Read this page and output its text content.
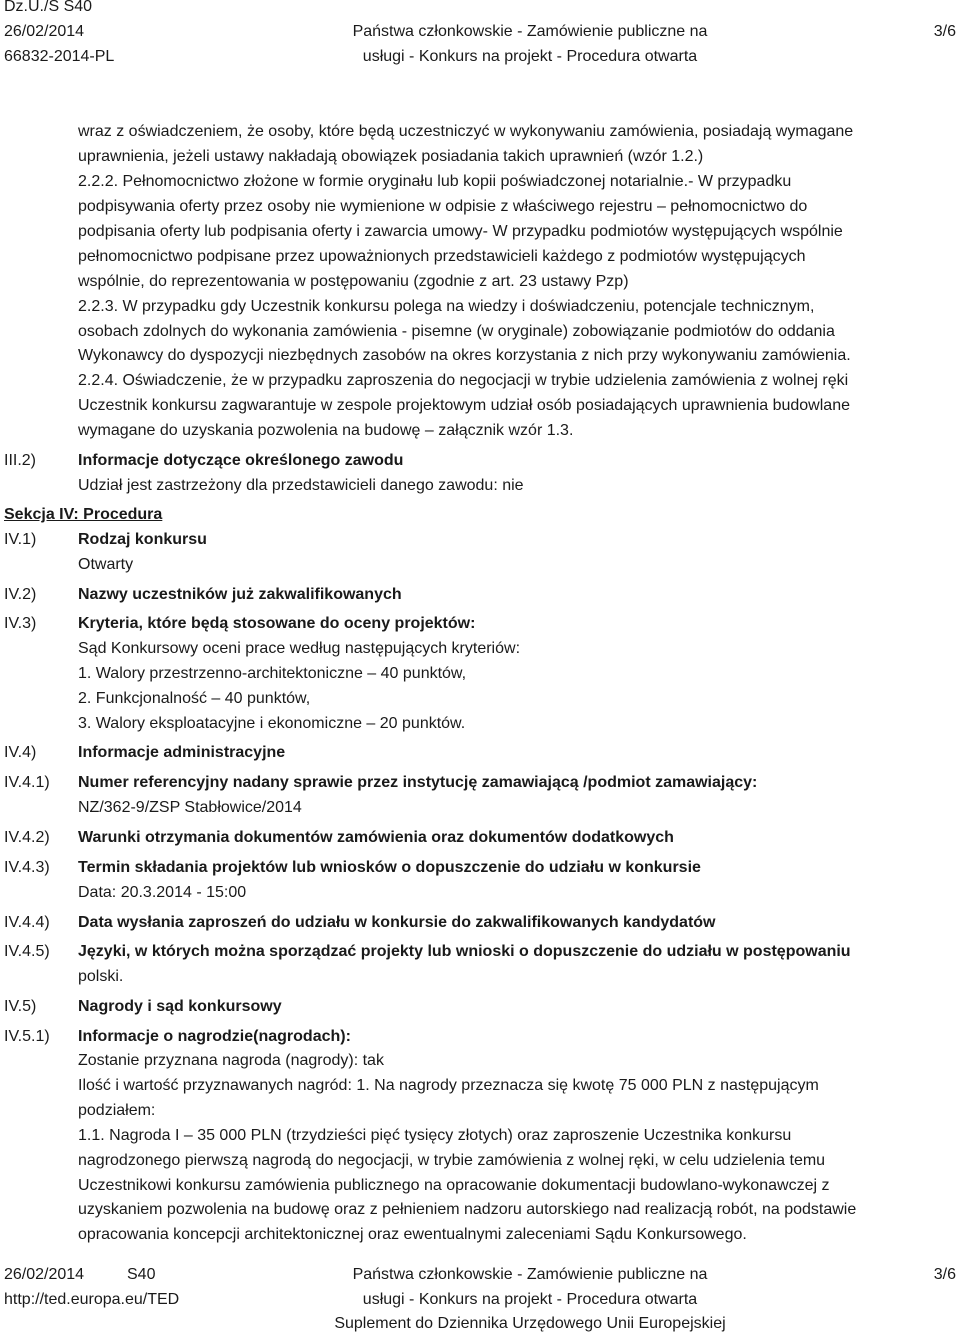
Dz.U./S S40
26/02/2014
66832-2014-PL
Państwa członkowskie - Zamówienie publiczne na
usługi - Konkurs na projekt - Procedura otwarta
3/6
wraz z oświadczeniem, że osoby, które będą uczestniczyć w wykonywaniu zamówienia, posiadają wymagane
uprawnienia, jeżeli ustawy nakładają obowiązek posiadania takich uprawnień (wzór 1.2.)
2.2.2. Pełnomocnictwo złożone w formie oryginału lub kopii poświadczonej notarialnie.- W przypadku
podpisywania oferty przez osoby nie wymienione w odpisie z właściwego rejestru – pełnomocnictwo do
podpisania oferty lub podpisania oferty i zawarcia umowy- W przypadku podmiotów występujących wspólnie
pełnomocnictwo podpisane przez upoważnionych przedstawicieli każdego z podmiotów występujących
wspólnie, do reprezentowania w postępowaniu (zgodnie z art. 23 ustawy Pzp)
2.2.3. W przypadku gdy Uczestnik konkursu polega na wiedzy i doświadczeniu, potencjale technicznym,
osobach zdolnych do wykonania zamówienia - pisemne (w oryginale) zobowiązanie podmiotów do oddania
Wykonawcy do dyspozycji niezbędnych zasobów na okres korzystania z nich przy wykonywaniu zamówienia.
2.2.4. Oświadczenie, że w przypadku zaproszenia do negocjacji w trybie udzielenia zamówienia z wolnej ręki
Uczestnik konkursu zagwarantuje w zespole projektowym udział osób posiadających uprawnienia budowlane
wymagane do uzyskania pozwolenia na budowę – załącznik wzór 1.3.
III.2)	Informacje dotyczące określonego zawodu
Udział jest zastrzeżony dla przedstawicieli danego zawodu: nie
Sekcja IV: Procedura
IV.1)	Rodzaj konkursu
Otwarty
IV.2)	Nazwy uczestników już zakwalifikowanych
IV.3)	Kryteria, które będą stosowane do oceny projektów:
Sąd Konkursowy oceni prace według następujących kryteriów:
1. Walory przestrzenno-architektoniczne – 40 punktów,
2. Funkcjonalność – 40 punktów,
3. Walory eksploatacyjne i ekonomiczne – 20 punktów.
IV.4)	Informacje administracyjne
IV.4.1) Numer referencyjny nadany sprawie przez instytucję zamawiającą /podmiot zamawiający:
NZ/362-9/ZSP Stabłowice/2014
IV.4.2) Warunki otrzymania dokumentów zamówienia oraz dokumentów dodatkowych
IV.4.3) Termin składania projektów lub wniosków o dopuszczenie do udziału w konkursie
Data: 20.3.2014 - 15:00
IV.4.4) Data wysłania zaproszeń do udziału w konkursie do zakwalifikowanych kandydatów
IV.4.5) Języki, w których można sporządzać projekty lub wnioski o dopuszczenie do udziału w postępowaniu
polski.
IV.5)	Nagrody i sąd konkursowy
IV.5.1) Informacje o nagrodzie(nagrodach):
Zostanie przyznana nagroda (nagrody): tak
Ilość i wartość przyznawanych nagród: 1. Na nagrody przeznacza się kwotę 75 000 PLN z następującym
podziałem:
1.1. Nagroda I – 35 000 PLN (trzydzieści pięć tysięcy złotych) oraz zaproszenie Uczestnika konkursu
nagrodzonego pierwszą nagrodą do negocjacji, w trybie zamówienia z wolnej ręki, w celu udzielenia temu
Uczestnikowi konkursu zamówienia publicznego na opracowanie dokumentacji budowlano-wykonawczej z
uzyskaniem pozwolenia na budowę oraz z pełnieniem nadzoru autorskiego nad realizacją robót, na podstawie
opracowania koncepcji architektonicznej oraz ewentualnymi zaleceniami Sądu Konkursowego.
26/02/2014	S40
http://ted.europa.eu/TED
Państwa członkowskie - Zamówienie publiczne na
usługi - Konkurs na projekt - Procedura otwarta
Suplement do Dziennika Urzędowego Unii Europejskiej
3/6
